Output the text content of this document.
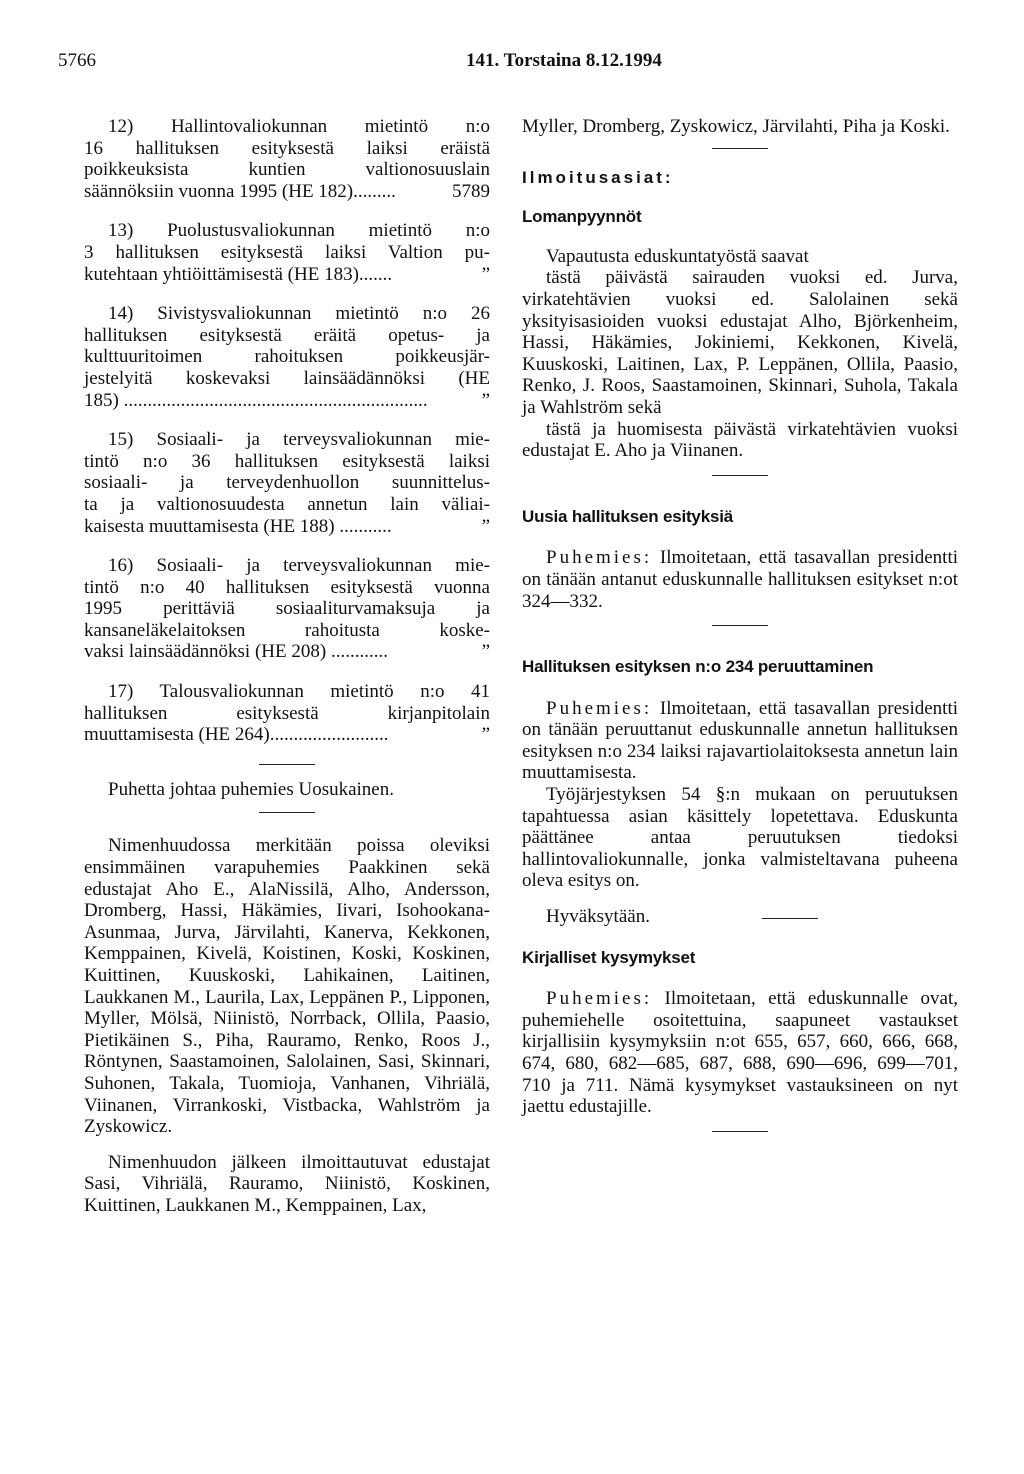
5766	141. Torstaina 8.12.1994

12) Hallintovaliokunnan mietintö n:o

16 hallituksen esityksestä laiksi eräistä

poikkeuksista kuntien valtionosuuslain

säännöksiin vuonna 1995 (HE 182).........	5789

13) Puolustusvaliokunnan mietintö n:o

3 hallituksen esityksestä laiksi Valtion pu-

kutehtaan yhtiöittämisestä (HE 183).......	”

14) Sivistysvaliokunnan mietintö n:o 26

hallituksen esityksestä eräitä opetus- ja

kulttuuritoimen rahoituksen poikkeusjär-

jestelyitä koskevaksi lainsäädännöksi (HE

185) ................................................................	”

15) Sosiaali- ja terveysvaliokunnan mie-

tintö n:o 36 hallituksen esityksestä laiksi

sosiaali- ja terveydenhuollon suunnittelus-

ta ja valtionosuudesta annetun lain väliai-

kaisesta muuttamisesta (HE 188) ...........	”

16) Sosiaali- ja terveysvaliokunnan mie-

tintö n:o 40 hallituksen esityksestä vuonna

1995 perittäviä sosiaaliturvamaksuja ja

kansaneläkelaitoksen rahoitusta koske-

vaksi lainsäädännöksi (HE 208) ............	”

17) Talousvaliokunnan mietintö n:o 41

hallituksen esityksestä kirjanpitolain

muuttamisesta (HE 264).........................	”

Puhetta johtaa puhemies Uosukainen.

Nimenhuudossa merkitään poissa oleviksi ensimmäinen varapuhemies Paakkinen sekä edustajat Aho E., AlaNissilä, Alho, Andersson, Dromberg, Hassi, Häkämies, Iivari, Isohookana-Asunmaa, Jurva, Järvilahti, Kanerva, Kekkonen, Kemppainen, Kivelä, Koistinen, Koski, Koskinen, Kuittinen, Kuuskoski, Lahikainen, Laitinen, Laukkanen M., Laurila, Lax, Leppänen P., Lipponen, Myller, Mölsä, Niinistö, Norrback, Ollila, Paasio, Pietikäinen S., Piha, Rauramo, Renko, Roos J., Röntynen, Saastamoinen, Salolainen, Sasi, Skinnari, Suhonen, Takala, Tuomioja, Vanhanen, Vihriälä, Viinanen, Virrankoski, Vistbacka, Wahlström ja Zyskowicz.

Nimenhuudon jälkeen ilmoittautuvat edustajat Sasi, Vihriälä, Rauramo, Niinistö, Koskinen, Kuittinen, Laukkanen M., Kemppainen, Lax,

Myller, Dromberg, Zyskowicz, Järvilahti, Piha ja Koski.

Ilmoitusasiat:

Lomanpyynnöt

Vapautusta eduskuntatyöstä saavat

tästä päivästä sairauden vuoksi ed. Jurva, virkatehtävien vuoksi ed. Salolainen sekä yksityisasioiden vuoksi edustajat Alho, Björkenheim, Hassi, Häkämies, Jokiniemi, Kekkonen, Kivelä, Kuuskoski, Laitinen, Lax, P. Leppänen, Ollila, Paasio, Renko, J. Roos, Saastamoinen, Skinnari, Suhola, Takala ja Wahlström sekä

tästä ja huomisesta päivästä virkatehtävien vuoksi edustajat E. Aho ja Viinanen.

Uusia hallituksen esityksiä

Puhemies: Ilmoitetaan, että tasavallan presidentti on tänään antanut eduskunnalle hallituksen esitykset n:ot 324—332.

Hallituksen esityksen n:o 234 peruuttaminen

Puhemies: Ilmoitetaan, että tasavallan presidentti on tänään peruuttanut eduskunnalle annetun hallituksen esityksen n:o 234 laiksi rajavartiolaitoksesta annetun lain muuttamisesta.

Työjärjestyksen 54 §:n mukaan on peruutuksen tapahtuessa asian käsittely lopetettava. Eduskunta päättänee antaa peruutuksen tiedoksi hallintovaliokunnalle, jonka valmisteltavana puheena oleva esitys on.

Hyväksytään.

Kirjalliset kysymykset

Puhemies: Ilmoitetaan, että eduskunnalle ovat, puhemiehelle osoitettuina, saapuneet vastaukset kirjallisiin kysymyksiin n:ot 655, 657, 660, 666, 668, 674, 680, 682—685, 687, 688, 690—696, 699—701, 710 ja 711. Nämä kysymykset vastauksineen on nyt jaettu edustajille.
